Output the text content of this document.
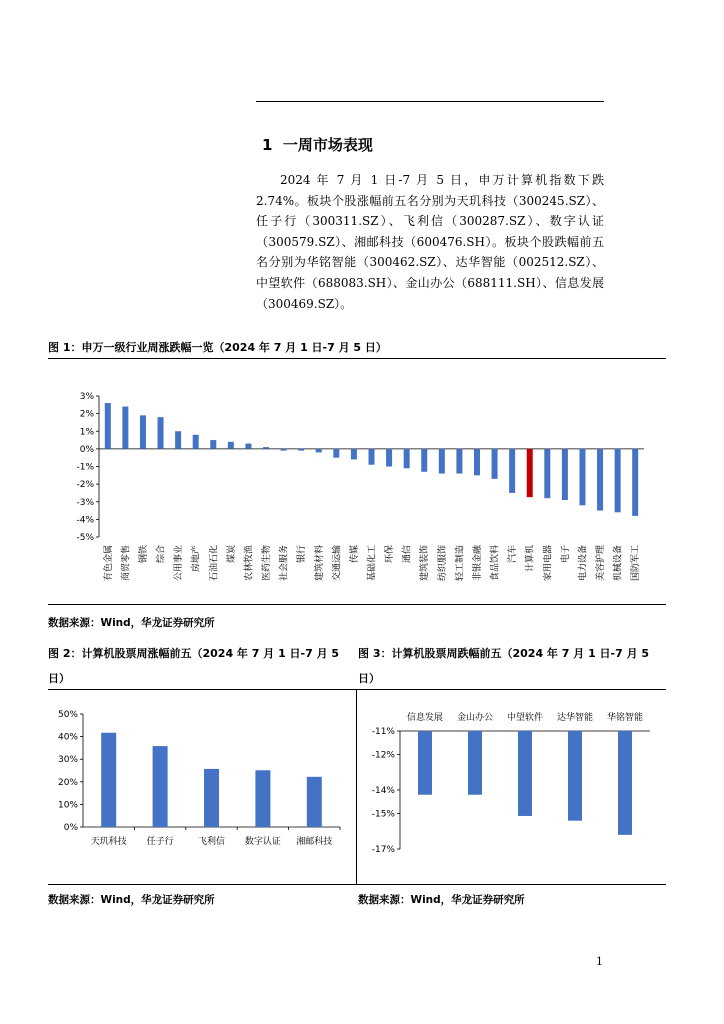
1 一周市场表现

2024 年 7 月 1 日-7 月 5 日，申万计算机指数下跌 2.74%。板块个股涨幅前五名分别为天玑科技（300245.SZ）、任子行（300311.SZ）、飞利信（300287.SZ）、数字认证（300579.SZ）、湘邮科技（600476.SH）。板块个股跌幅前五名分别为华铭智能（300462.SZ）、达华智能（002512.SZ）、中望软件（688083.SH）、金山办公（688111.SH）、信息发展（300469.SZ）。

图 1：申万一级行业周涨跌幅一览（2024 年 7 月 1 日-7 月 5 日）
3%
2%
1%
0%
-1%
-2%
-3%
-4%
-5%
有色金属 商贸零售 钢铁 综合 公用事业 房地产 石油石化 煤炭 农林牧渔 医药生物 社会服务 银行 建筑材料 交通运输 传媒 基础化工 环保 通信 建筑装饰 纺织服饰 轻工制造 非银金融 食品饮料 汽车 计算机 家用电器 电子 电力设备 美容护理 机械设备 国防军工
数据来源：Wind，华龙证券研究所
图 2：计算机股票周涨幅前五（2024 年 7 月 1 日-7 月 5
日）
图 3：计算机股票周跌幅前五（2024 年 7 月 1 日-7 月 5
日）
50%
40%
30%
20%
10%
0%
天玑科技 任子行	飞利信 数字认证 湘邮科技
-11%
-12%
-14%
-15%
-17%
信息发展 金山办公 中望软件 达华智能 华铭智能
数据来源：Wind，华龙证券研究所	数据来源：Wind，华龙证券研究所
1
